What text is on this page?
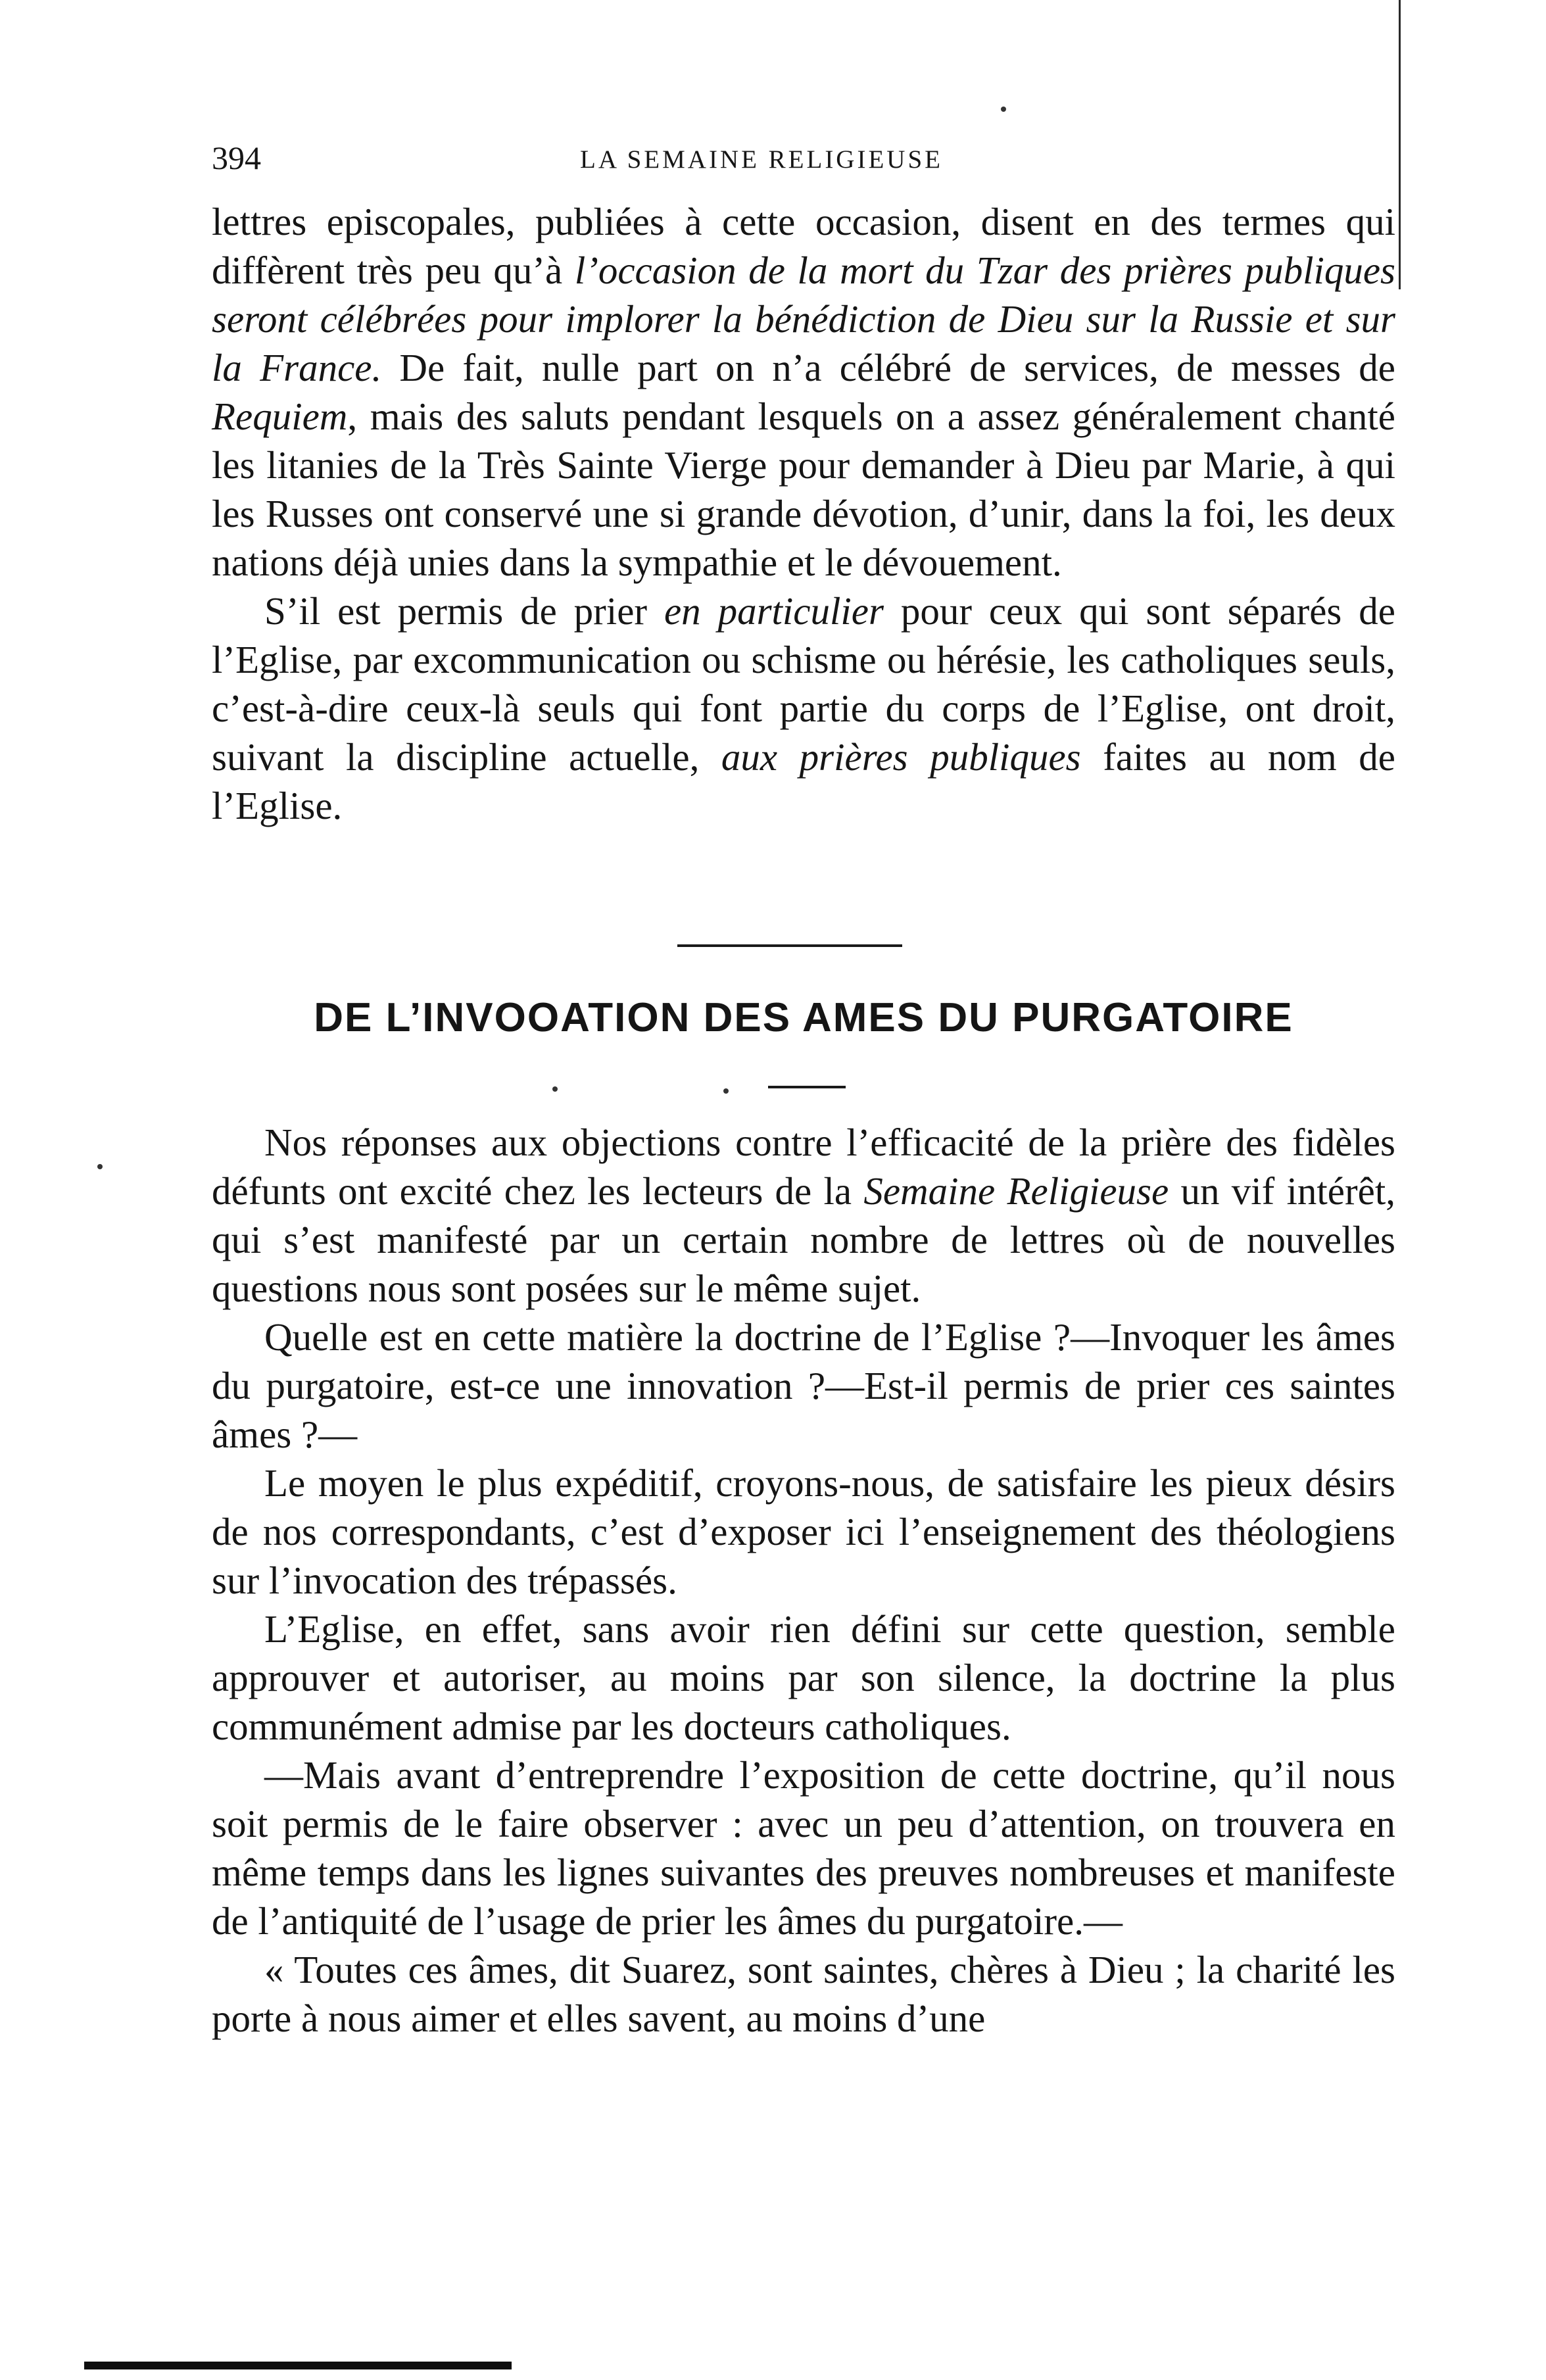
394	LA SEMAINE RELIGIEUSE

lettres episcopales, publiées à cette occasion, disent en des termes qui diffèrent très peu qu’à l’occasion de la mort du Tzar des prières publiques seront célébrées pour implorer la bénédiction de Dieu sur la Russie et sur la France. De fait, nulle part on n’a célébré de services, de messes de Requiem, mais des saluts pendant lesquels on a assez généralement chanté les litanies de la Très Sainte Vierge pour demander à Dieu par Marie, à qui les Russes ont conservé une si grande dévotion, d’unir, dans la foi, les deux nations déjà unies dans la sympathie et le dévouement.

S’il est permis de prier en particulier pour ceux qui sont séparés de l’Eglise, par excommunication ou schisme ou hérésie, les catholiques seuls, c’est-à-dire ceux-là seuls qui font partie du corps de l’Eglise, ont droit, suivant la discipline actuelle, aux prières publiques faites au nom de l’Eglise.

DE L’INVOOATION DES AMES DU PURGATOIRE

Nos réponses aux objections contre l’efficacité de la prière des fidèles défunts ont excité chez les lecteurs de la Semaine Religieuse un vif intérêt, qui s’est manifesté par un certain nombre de lettres où de nouvelles questions nous sont posées sur le même sujet.

Quelle est en cette matière la doctrine de l’Eglise ?—Invoquer les âmes du purgatoire, est-ce une innovation ?—Est-il permis de prier ces saintes âmes ?—

Le moyen le plus expéditif, croyons-nous, de satisfaire les pieux désirs de nos correspondants, c’est d’exposer ici l’enseignement des théologiens sur l’invocation des trépassés.

L’Eglise, en effet, sans avoir rien défini sur cette question, semble approuver et autoriser, au moins par son silence, la doctrine la plus communément admise par les docteurs catholiques.

—Mais avant d’entreprendre l’exposition de cette doctrine, qu’il nous soit permis de le faire observer : avec un peu d’attention, on trouvera en même temps dans les lignes suivantes des preuves nombreuses et manifeste de l’antiquité de l’usage de prier les âmes du purgatoire.—

« Toutes ces âmes, dit Suarez, sont saintes, chères à Dieu ; la charité les porte à nous aimer et elles savent, au moins d’une
